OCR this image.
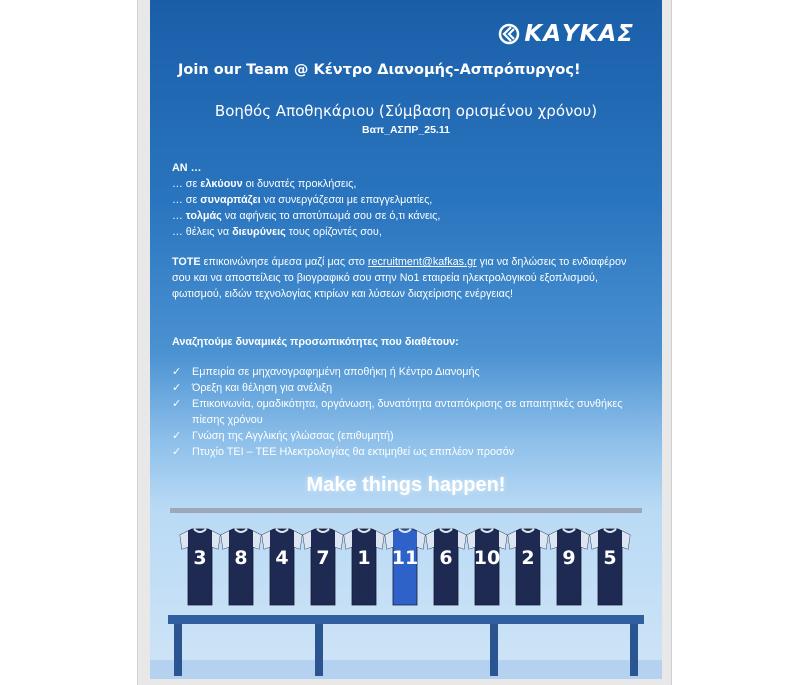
ΚΑΥΚΑΣ
Join our Team @ Κέντρο Διανομής-Ασπρόπυργος!
Βοηθός Αποθηκάριου (Σύμβαση ορισμένου χρόνου)
Βαπ_ΑΣΠΡ_25.11
ΑΝ …
… σε ελκύουν οι δυνατές προκλήσεις,
… σε συναρπάζει να συνεργάζεσαι με επαγγελματίες,
… τολμάς να αφήνεις το αποτύπωμά σου σε ό,τι κάνεις,
… θέλεις να διευρύνεις τους ορίζοντές σου,
ΤΟΤΕ επικοινώνησε άμεσα μαζί μας στο recruitment@kafkas.gr για να δηλώσεις το ενδιαφέρον σου και να αποστείλεις το βιογραφικό σου στην Νο1 εταιρεία ηλεκτρολογικού εξοπλισμού, φωτισμού, ειδών τεχνολογίας κτιρίων και λύσεων διαχείρισης ενέργειας!
Αναζητούμε δυναμικές προσωπικότητες που διαθέτουν:
✓ Εμπειρία σε μηχανογραφημένη αποθήκη ή Κέντρο Διανομής
✓ Όρεξη και θέληση για ανέλιξη
✓ Επικοινωνία, ομαδικότητα, οργάνωση, δυνατότητα ανταπόκρισης σε απαιτητικές συνθήκες πίεσης χρόνου
✓ Γνώση της Αγγλικής γλώσσας (επιθυμητή)
✓ Πτυχίο ΤΕΙ – ΤΕΕ Ηλεκτρολογίας θα εκτιμηθεί ως επιπλέον προσόν
Make things happen!
3	8	4	7	1	11	6	10	2	9	5
